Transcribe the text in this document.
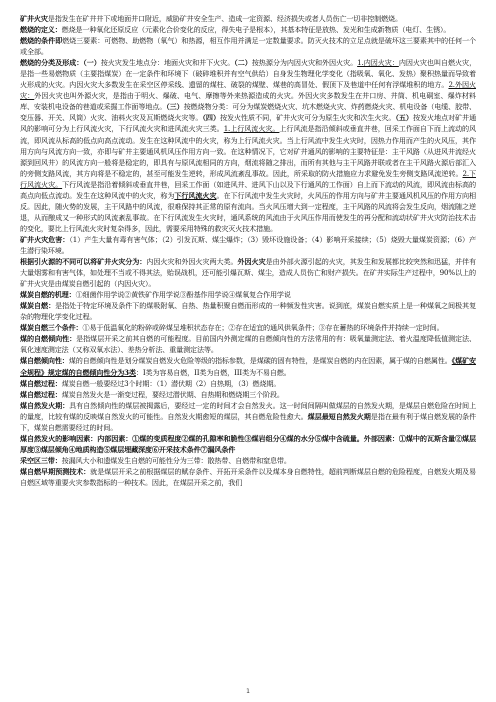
矿井火灾是指发生在矿井井下或地面井口附近，威胁矿井安全生产、造成一定资源、经济损失或者人员伤亡一切非控制燃烧。

燃烧的定义：燃烧是一种氧化还原反应（元素化合价变化的反应，得失电子是根本），其基本特征是放热、发光和生成新物质（电灯、生锈）。

燃烧的条件即燃烧三要素：可燃物、助燃物（氧气）和热源，相互作用并满足一定数量要求。防灭火技术的立足点就是破坏这三要素其中的任何一个或全部。

燃烧的分类及形成：（一）按火灾发生地点分：地面火灾和井下火灾。（二）按热源分为内因火灾和外因火灾。1.内因火灾：内因火灾也叫自燃火灾，是指一些易燃物质（主要指煤炭）在一定条件和环境下（破碎堆积并有空气供给）自身发生物理化学变化（指吸氧、氧化、发热）聚积热量而导致着火形成的火灾。内因火灾大多数发生在采空区停采线、遗留的煤柱、破裂的煤壁、煤巷的高冒处、假顶下及巷道中任何有浮煤堆积的地方。2.外因火灾：外因火灾也叫外源火灾，是指由于明火、爆破、电气、摩擦等外来热源造成的火灾。外因火灾多数发生在井口房、井筒、机电硐室、爆炸材料库、安装机电设备的巷道或采掘工作面等地点。（三）按燃烧物分类：可分为煤炭燃烧火灾、坑木燃烧火灾、炸药燃烧火灾、机电设备（电缆、胶带、变压器、开关、风筒）火灾、油料火灾及瓦斯燃烧火灾等。（四）按发火性质不同，矿井火灾可分为原生火灾和次生火灾。（五）按发火地点对矿井通风的影响可分为上行风流火灾，下行风流火灾和进风流火灾三类。1.上行风流火灾。上行风流是指沿倾斜或垂直井巷，回采工作面自下而上流动的风流，即风流从标高的低点向高点流动。发生在这种风流中的火灾，称为上行风流火灾。当上行风流中发生火灾时，因热力作用而产生的火风压，其作用方向与风流方向一致，亦即与矿井主要通风机风压作用方向一致。在这种情况下，它对矿井通风的影响的主要特征是：主干风路（从进风井流经火源到回风井）的风流方向一般将是稳定的，即具有与原风流相同的方向，烟流将随之排出，而所有其他与主干风路并联或者在主干风路火源后部汇入的旁侧支路风流，其方向将是不稳定的，甚至可能发生逆转，形成风流紊乱事故。因此，所采取的防火措施应力求避免发生旁侧支路风流逆转。2.下行风流火灾。下行风流是指沿着倾斜或垂直井巷，回采工作面（如进风井、进风下山以及下行通风的工作面）自上而下流动的风流，即风流由标高的高点向低点流动。发生在这种风流中的火灾，称为下行风流火灾。在下行风流中发生火灾时，火风压的作用方向与矿井主要通风机风压的作用方向相反。因此，随火势的发展，主干风路中的风流，很难保持其正常的原有流向。当火风压增大到一定程度，主干风路的风流将会发生反向，烟流随之逆退，从而酿成又一种形式的风流紊乱事故。在下行风流发生火灾时，通风系统的风流由于火风压作用而使发生的再分配和流动状矿井火灾防治技术击的变化，要比上行风流火灾时复杂得多，因此，需要采用特殊的救灾灭火技术措施。

矿井火灾危害：（1）产生大量有毒有害气体；（2）引发瓦斯、煤尘爆炸；（3）毁坏设施设备；（4）影响开采接续；（5）烧毁大量煤炭资源；（6）产生潜行染环境。

根据引火源的不同可以将矿井火灾分为：内因火灾和外因火灾两大类。外因火灾是由外部火源引起的火灾，其发生和发展都比较突然和迅猛，并伴有大量烟雾和有害气体，如处理不当或不得其法，贻误战机，还可能引爆瓦斯、煤尘，造成人员伤亡和财产损失。在矿井实际生产过程中，90%以上的矿井火灾是由煤炭自燃引起的（内因火灾）。

煤炭自燃的机理：①细菌作用学说②黄铁矿作用学说③酚基作用学说④煤氧复合作用学说

煤炭自燃：是指处于特定环境及条件下的煤吸附氧、自热、热量积聚自燃而形成的一种频发性灾害。说到底，煤炭自燃实质上是一种煤氧之间极其复杂的物理化学变化过程。

煤炭自燃三个条件：①易于低温氧化的粉碎或碎煤呈堆积状态存在；②存在适宜的通风供氧条件；③存在蓄热的环境条件并持续一定时间。

煤的自燃倾向性：是指煤层开采之前其自燃的可能程度。目前国内外测定煤的自燃倾向性的方法常用的有：吸氧量测定法、着火温度降低值测定法、氧化速度测定法（又称双氧水法）、差热分析法、重量测定法等。

煤自燃倾向性：煤的自燃倾向性是划分煤炭自燃发火危险等级的指标参数，是煤碳的固有特性，是煤炭自燃的内在因素，属于煤的自燃属性。《煤矿安全规程》规定煤的自燃倾向性分为3类：Ⅰ类为容易自燃，II类为自燃，III类为不易自燃。

煤自燃过程：煤炭自燃一般要经过3个时期：（1）潜伏期（2）自热期，（3）燃烧期。

煤自燃过程：煤炭自然发火是一渐变过程，要经过潜伏期、自热期和燃烧期三个阶段。

煤自然发火期：具有自然倾向性的煤层被揭露后，要经过一定的时间才会自然发火。这一时间间隔叫做煤层的自然发火期，是煤层自燃危险在时间上的量度，比较有煤的反映煤自然发火的可能性。自然发火期愈短的煤层，其自燃危险性愈大。煤层最短自然发火期是指在最有利于煤自燃发展的条件下，煤炭自燃需要经过的时间。

煤自然发火的影响因素：内部因素：①煤的变质程度②煤的孔隙率和脆性③煤岩组分④煤的水分⑤煤中含硫量。外部因素：①煤中的瓦斯含量②煤层厚度③煤层倾角④地质构造⑤煤层埋藏深度⑥开采技术条件⑦漏风条件

采空区三带：按漏风大小和遗煤发生自燃的可能性分为三带：散热带、自燃带和窒息带。

煤自燃早期预测技术：就是煤层开采之前根据煤层的赋存条件、开拓开采条件以及煤本身自燃特性，超前判断煤层自燃的危险程度，自燃发火期及易自燃区域等重要火灾参数指标的一种技术。因此，在煤层开采之前，我们

1
